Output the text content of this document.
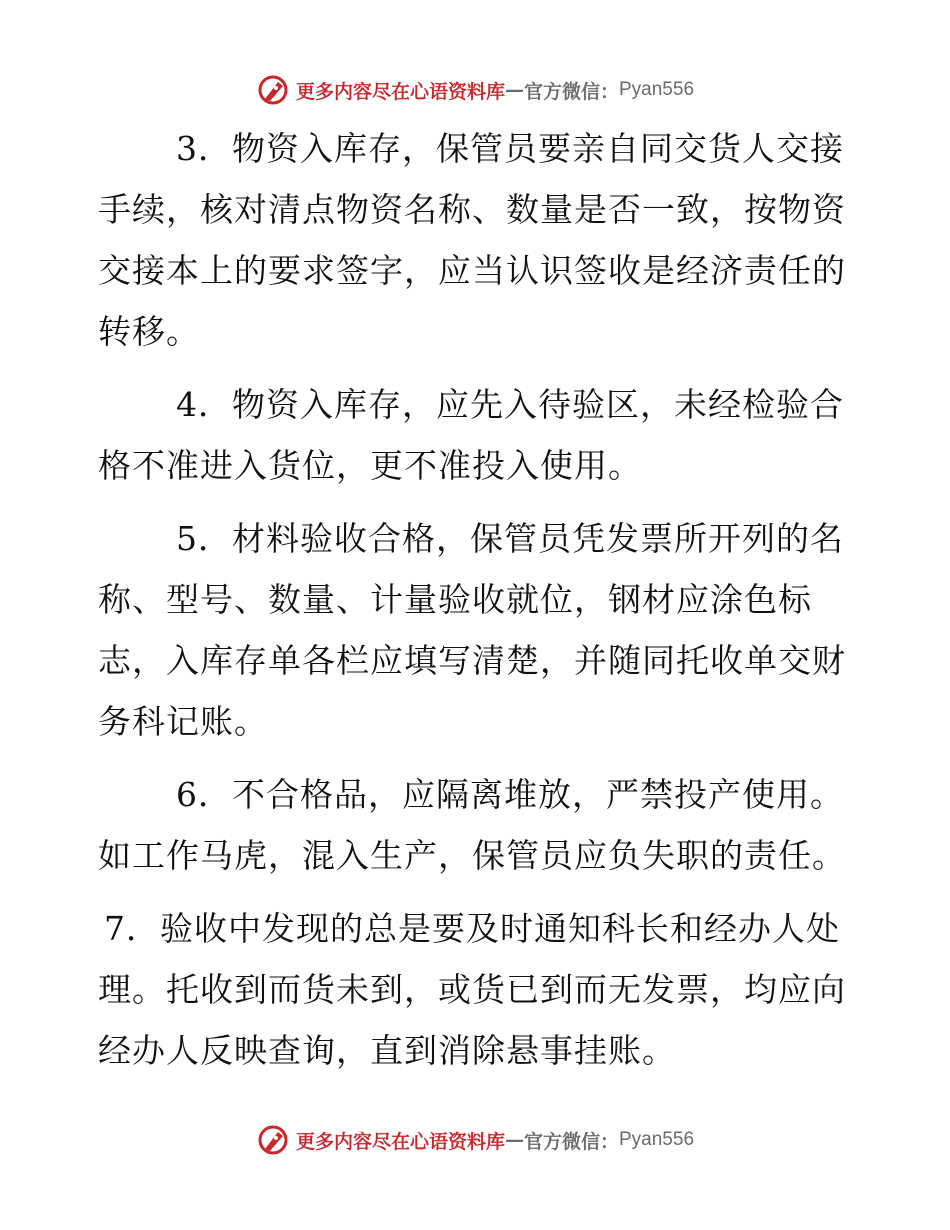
更多内容尽在心语资料库 — 官方微信： Pyan556

3．物资入库存，保管员要亲自同交货人交接手续，核对清点物资名称、数量是否一致，按物资交接本上的要求签字，应当认识签收是经济责任的转移。

4．物资入库存，应先入待验区，未经检验合格不准进入货位，更不准投入使用。

5．材料验收合格，保管员凭发票所开列的名称、型号、数量、计量验收就位，钢材应涂色标志，入库存单各栏应填写清楚，并随同托收单交财务科记账。

6．不合格品，应隔离堆放，严禁投产使用。如工作马虎，混入生产，保管员应负失职的责任。

7．验收中发现的总是要及时通知科长和经办人处理。托收到而货未到，或货已到而无发票，均应向经办人反映查询，直到消除悬事挂账。

更多内容尽在心语资料库 — 官方微信： Pyan556
